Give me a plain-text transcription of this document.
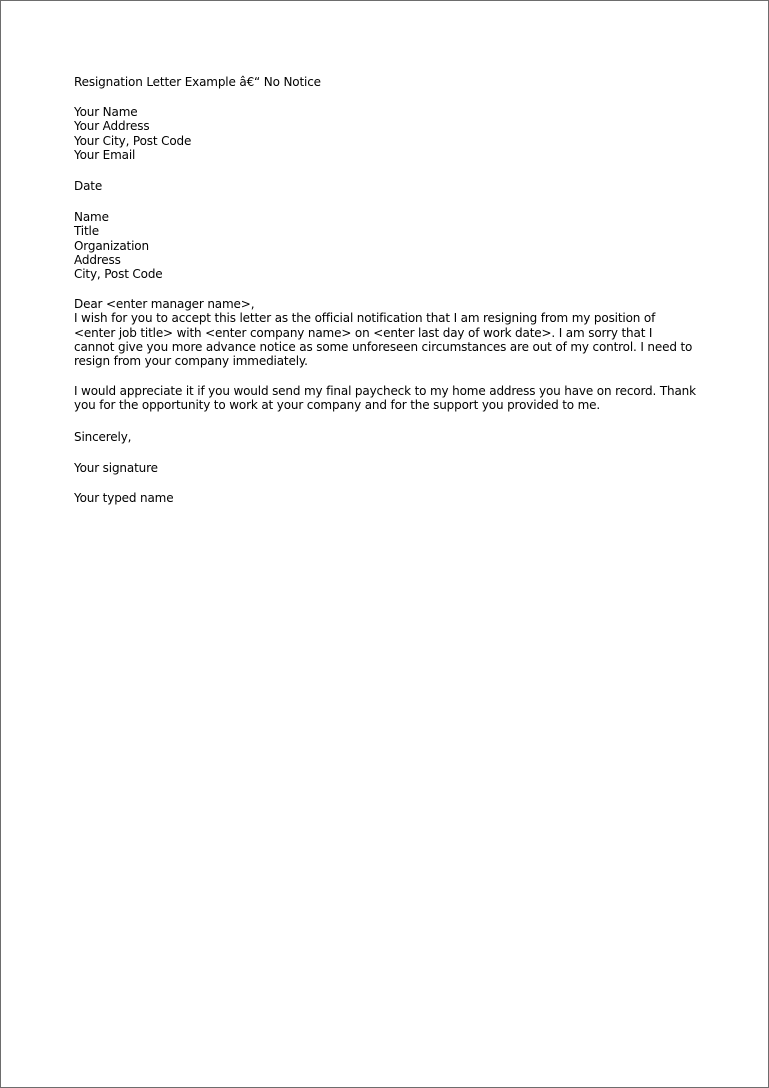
Resignation Letter Example â€“ No Notice
Your Name
Your Address
Your City, Post Code
Your Email
Date
Name
Title
Organization
Address
City, Post Code
Dear <enter manager name>,
I wish for you to accept this letter as the official notification that I am resigning from my position of
<enter job title> with <enter company name> on <enter last day of work date>. I am sorry that I
cannot give you more advance notice as some unforeseen circumstances are out of my control. I need to
resign from your company immediately.
I would appreciate it if you would send my final paycheck to my home address you have on record. Thank
you for the opportunity to work at your company and for the support you provided to me.
Sincerely,
Your signature
Your typed name
